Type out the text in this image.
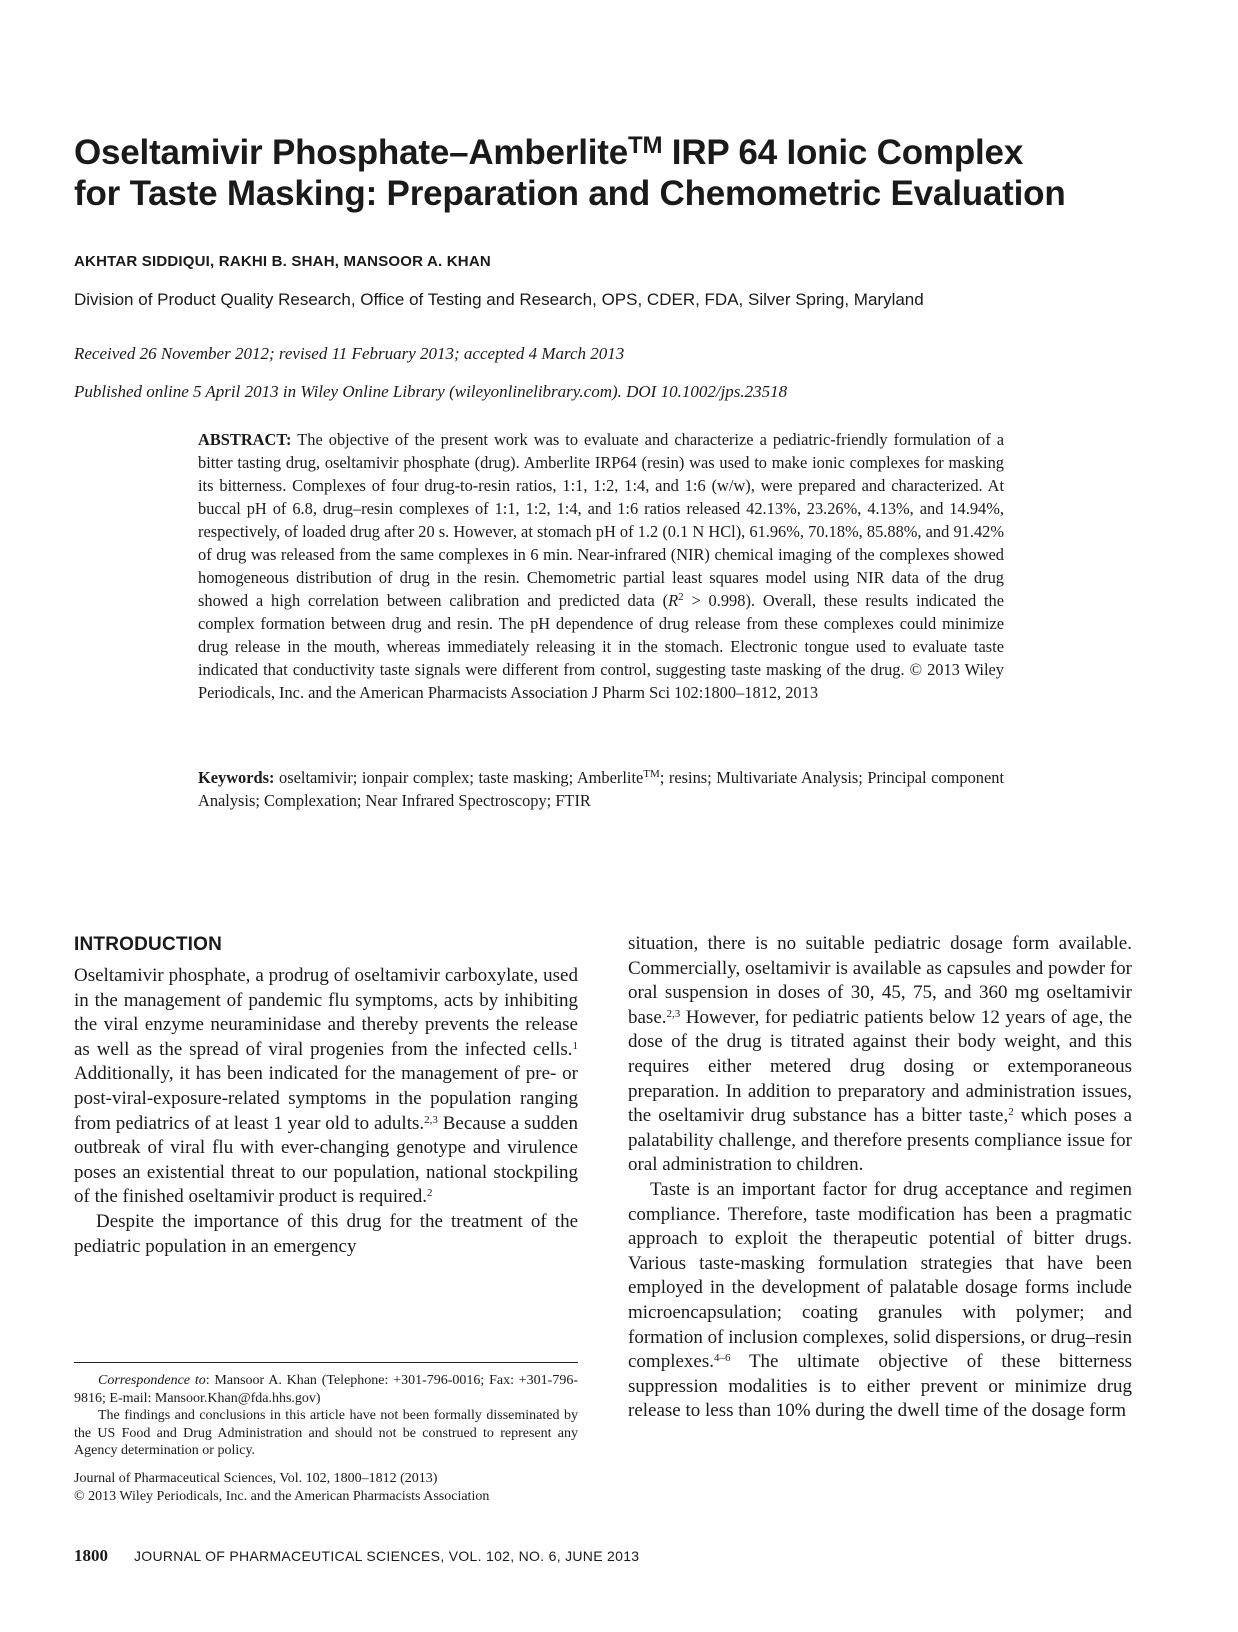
Oseltamivir Phosphate–Amberlite™ IRP 64 Ionic Complex
for Taste Masking: Preparation and Chemometric Evaluation
AKHTAR SIDDIQUI, RAKHI B. SHAH, MANSOOR A. KHAN
Division of Product Quality Research, Office of Testing and Research, OPS, CDER, FDA, Silver Spring, Maryland
Received 26 November 2012; revised 11 February 2013; accepted 4 March 2013
Published online 5 April 2013 in Wiley Online Library (wileyonlinelibrary.com). DOI 10.1002/jps.23518

ABSTRACT: The objective of the present work was to evaluate and characterize a pediatric-friendly formulation of a bitter tasting drug, oseltamivir phosphate (drug). Amberlite IRP64 (resin) was used to make ionic complexes for masking its bitterness. Complexes of four drug-to-resin ratios, 1:1, 1:2, 1:4, and 1:6 (w/w), were prepared and characterized. At buccal pH of 6.8, drug–resin complexes of 1:1, 1:2, 1:4, and 1:6 ratios released 42.13%, 23.26%, 4.13%, and 14.94%, respectively, of loaded drug after 20 s. However, at stomach pH of 1.2 (0.1 N HCl), 61.96%, 70.18%, 85.88%, and 91.42% of drug was released from the same complexes in 6 min. Near-infrared (NIR) chemical imaging of the complexes showed homogeneous distribution of drug in the resin. Chemometric partial least squares model using NIR data of the drug showed a high correlation between calibration and predicted data $(R^2 > 0.998)$. Overall, these results indicated the complex formation between drug and resin. The pH dependence of drug release from these complexes could minimize drug release in the mouth, whereas immediately releasing it in the stomach. Electronic tongue used to evaluate taste indicated that conductivity taste signals were different from control, suggesting taste masking of the drug. © 2013 Wiley Periodicals, Inc. and the American Pharmacists Association J Pharm Sci 102:1800–1812, 2013

Keywords: oseltamivir; ionpair complex; taste masking; Amberlite™; resins; Multivariate Analysis; Principal component Analysis; Complexation; Near Infrared Spectroscopy; FTIR

INTRODUCTION

Oseltamivir phosphate, a prodrug of oseltamivir carboxylate, used in the management of pandemic flu symptoms, acts by inhibiting the viral enzyme neuraminidase and thereby prevents the release as well as the spread of viral progenies from the infected cells.$^1$ Additionally, it has been indicated for the management of pre- or post-viral-exposure-related symptoms in the population ranging from pediatrics of at least 1 year old to adults.$^{2,3}$ Because a sudden outbreak of viral flu with ever-changing genotype and virulence poses an existential threat to our population, national stockpiling of the finished oseltamivir product is required.$^2$

Despite the importance of this drug for the treatment of the pediatric population in an emergency

Correspondence to: Mansoor A. Khan (Telephone: +301-796-0016; Fax: +301-796-9816; E-mail: Mansoor.Khan@fda.hhs.gov)

The findings and conclusions in this article have not been formally disseminated by the US Food and Drug Administration and should not be construed to represent any Agency determination or policy.

Journal of Pharmaceutical Sciences, Vol. 102, 1800–1812 (2013)
© 2013 Wiley Periodicals, Inc. and the American Pharmacists Association

situation, there is no suitable pediatric dosage form available. Commercially, oseltamivir is available as capsules and powder for oral suspension in doses of 30, 45, 75, and 360 mg oseltamivir base.$^{2,3}$ However, for pediatric patients below 12 years of age, the dose of the drug is titrated against their body weight, and this requires either metered drug dosing or extemporaneous preparation. In addition to preparatory and administration issues, the oseltamivir drug substance has a bitter taste,$^2$ which poses a palatability challenge, and therefore presents compliance issue for oral administration to children.

Taste is an important factor for drug acceptance and regimen compliance. Therefore, taste modification has been a pragmatic approach to exploit the therapeutic potential of bitter drugs. Various taste-masking formulation strategies that have been employed in the development of palatable dosage forms include microencapsulation; coating granules with polymer; and formation of inclusion complexes, solid dispersions, or drug–resin complexes.$^{4-6}$ The ultimate objective of these bitterness suppression modalities is to either prevent or minimize drug release to less than 10% during the dwell time of the dosage form

1800 JOURNAL OF PHARMACEUTICAL SCIENCES, VOL. 102, NO. 6, JUNE 2013
